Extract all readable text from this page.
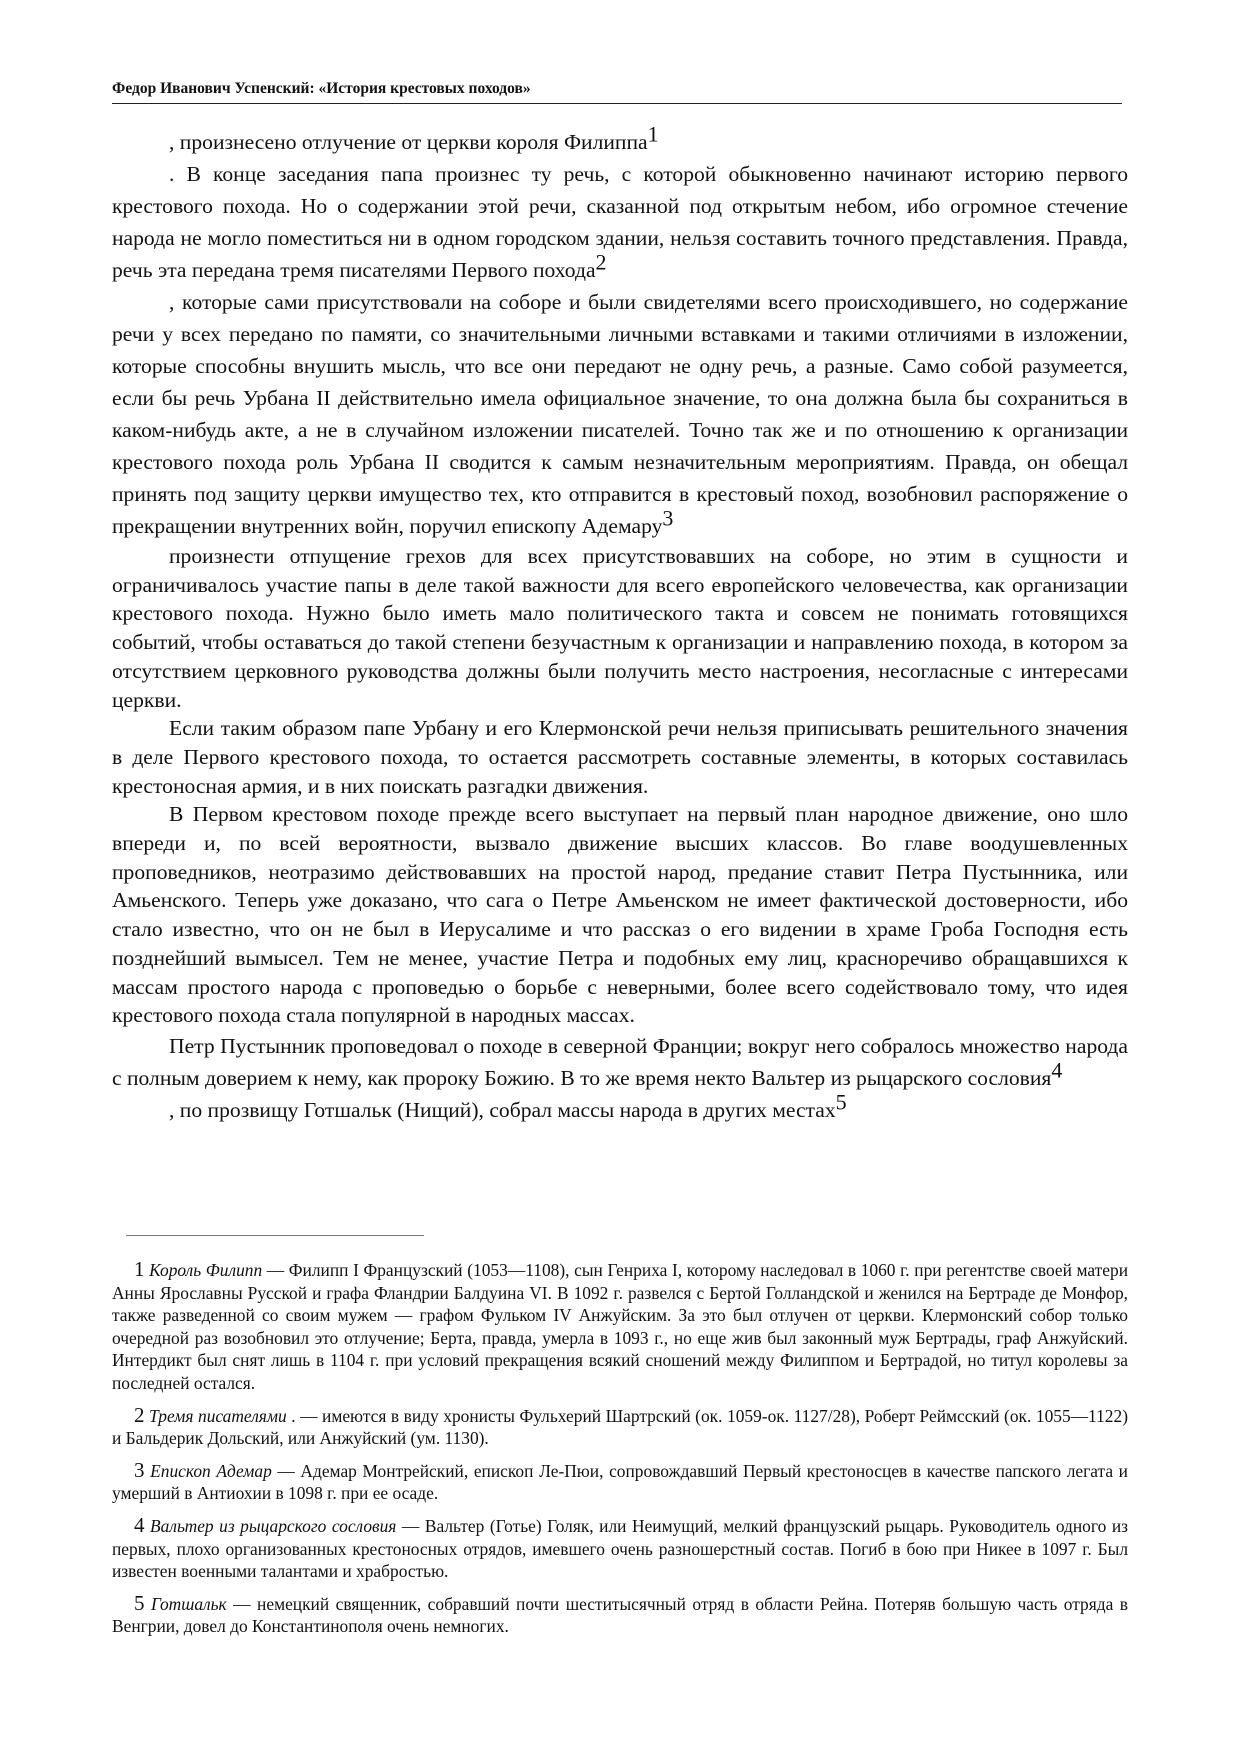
Федор Иванович Успенский: «История крестовых походов»

, произнесено отлучение от церкви короля Филиппа$^1$

. В конце заседания папа произнес ту речь, с которой обыкновенно начинают историю первого крестового похода. Но о содержании этой речи, сказанной под открытым небом, ибо огромное стечение народа не могло поместиться ни в одном городском здании, нельзя составить точного представления. Правда, речь эта передана тремя писателями Первого похода$^2$

, которые сами присутствовали на соборе и были свидетелями всего происходившего, но содержание речи у всех передано по памяти, со значительными личными вставками и такими отличиями в изложении, которые способны внушить мысль, что все они передают не одну речь, а разные. Само собой разумеется, если бы речь Урбана II действительно имела официальное значение, то она должна была бы сохраниться в каком-нибудь акте, а не в случайном изложении писателей. Точно так же и по отношению к организации крестового похода роль Урбана II сводится к самым незначительным мероприятиям. Правда, он обещал принять под защиту церкви имущество тех, кто отправится в крестовый поход, возобновил распоряжение о прекращении внутренних войн, поручил епископу Адемару$^3$

произнести отпущение грехов для всех присутствовавших на соборе, но этим в сущности и ограничивалось участие папы в деле такой важности для всего европейского человечества, как организации крестового похода. Нужно было иметь мало политического такта и совсем не понимать готовящихся событий, чтобы оставаться до такой степени безучастным к организации и направлению похода, в котором за отсутствием церковного руководства должны были получить место настроения, несогласные с интересами церкви.

Если таким образом папе Урбану и его Клермонской речи нельзя приписывать решительного значения в деле Первого крестового похода, то остается рассмотреть составные элементы, в которых составилась крестоносная армия, и в них поискать разгадки движения.

В Первом крестовом походе прежде всего выступает на первый план народное движение, оно шло впереди и, по всей вероятности, вызвало движение высших классов. Во главе воодушевленных проповедников, неотразимо действовавших на простой народ, предание ставит Петра Пустынника, или Амьенского. Теперь уже доказано, что сага о Петре Амьенском не имеет фактической достоверности, ибо стало известно, что он не был в Иерусалиме и что рассказ о его видении в храме Гроба Господня есть позднейший вымысел. Тем не менее, участие Петра и подобных ему лиц, красноречиво обращавшихся к массам простого народа с проповедью о борьбе с неверными, более всего содействовало тому, что идея крестового похода стала популярной в народных массах.

Петр Пустынник проповедовал о походе в северной Франции; вокруг него собралось множество народа с полным доверием к нему, как пророку Божию. В то же время некто Вальтер из рыцарского сословия$^4$

, по прозвищу Готшальк (Нищий), собрал массы народа в других местах$^5$

1 Король Филипп — Филипп I Французский (1053—1108), сын Генриха I, которому наследовал в 1060 г. при регентстве своей матери Анны Ярославны Русской и графа Фландрии Балдуина VI. В 1092 г. развелся с Бертой Голландской и женился на Бертраде де Монфор, также разведенной со своим мужем — графом Фульком IV Анжуйским. За это был отлучен от церкви. Клермонский собор только очередной раз возобновил это отлучение; Берта, правда, умерла в 1093 г., но еще жив был законный муж Бертрады, граф Анжуйский. Интердикт был снят лишь в 1104 г. при условий прекращения всякий сношений между Филиппом и Бертрадой, но титул королевы за последней остался.

2 Тремя писателями . — имеются в виду хронисты Фульхерий Шартрский (ок. 1059-ок. 1127/28), Роберт Реймсский (ок. 1055—1122) и Бальдерик Дольский, или Анжуйский (ум. 1130).

3 Епископ Адемар — Адемар Монтрейский, епископ Ле-Пюи, сопровождавший Первый крестоносцев в качестве папского легата и умерший в Антиохии в 1098 г. при ее осаде.

4 Вальтер из рыцарского сословия — Вальтер (Готье) Голяк, или Неимущий, мелкий французский рыцарь. Руководитель одного из первых, плохо организованных крестоносных отрядов, имевшего очень разношерстный состав. Погиб в бою при Никее в 1097 г. Был известен военными талантами и храбростью.

5 Готшальк — немецкий священник, собравший почти шеститысячный отряд в области Рейна. Потеряв большую часть отряда в Венгрии, довел до Константинополя очень немногих.
